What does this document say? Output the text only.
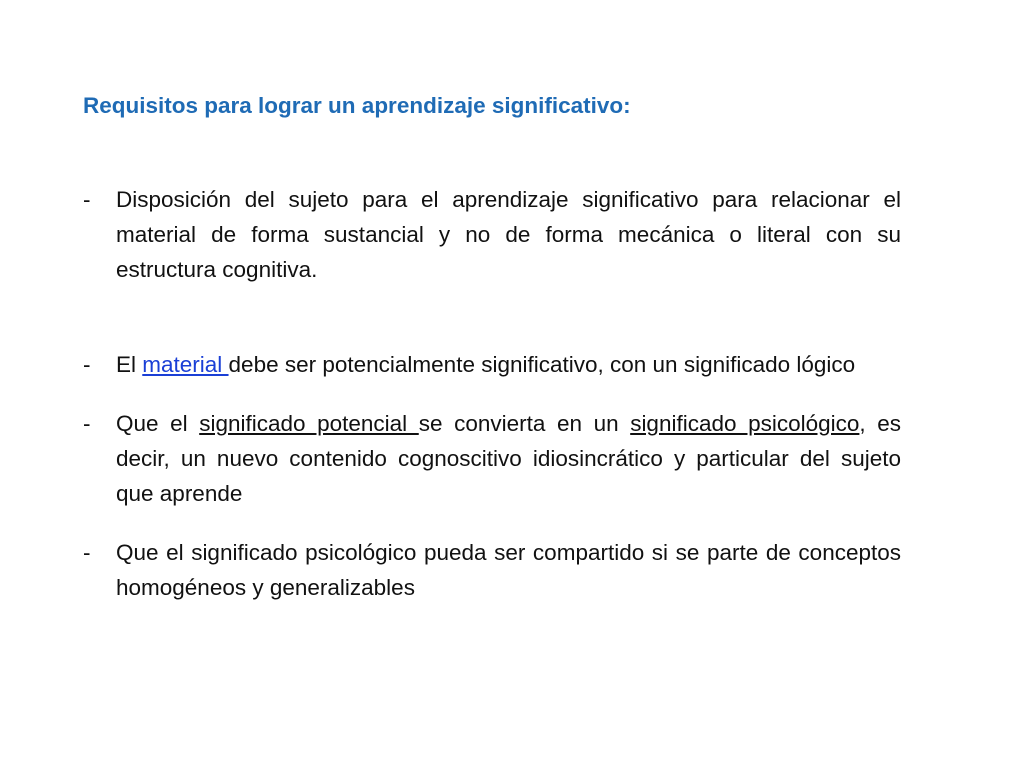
Requisitos para lograr un aprendizaje significativo:
- Disposición del sujeto para el aprendizaje significativo para relacionar el material de forma sustancial y no de forma mecánica o literal con su estructura cognitiva.
- El material debe ser potencialmente significativo, con un significado lógico
- Que el significado potencial se convierta en un significado psicológico, es decir, un nuevo contenido cognoscitivo idiosincrático y particular del sujeto que aprende
- Que el significado psicológico pueda ser compartido si se parte de conceptos homogéneos y generalizables
